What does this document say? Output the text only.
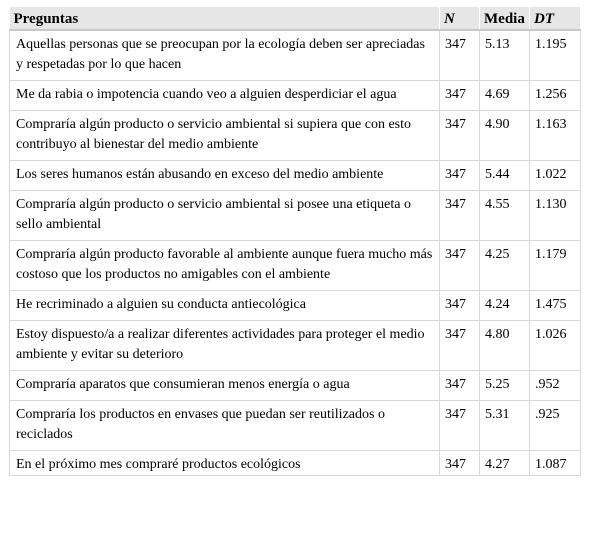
Preguntas	N	Media	DT
Aquellas personas que se preocupan por la ecología deben ser apreciadas y respetadas por lo que hacen	347	5.13	1.195
Me da rabia o impotencia cuando veo a alguien desperdiciar el agua	347	4.69	1.256
Compraría algún producto o servicio ambiental si supiera que con esto contribuyo al bienestar del medio ambiente	347	4.90	1.163
Los seres humanos están abusando en exceso del medio ambiente	347	5.44	1.022
Compraría algún producto o servicio ambiental si posee una etiqueta o sello ambiental	347	4.55	1.130
Compraría algún producto favorable al ambiente aunque fuera mucho más costoso que los productos no amigables con el ambiente	347	4.25	1.179
He recriminado a alguien su conducta antiecológica	347	4.24	1.475
Estoy dispuesto/a a realizar diferentes actividades para proteger el medio ambiente y evitar su deterioro	347	4.80	1.026
Compraría aparatos que consumieran menos energía o agua	347	5.25	.952
Compraría los productos en envases que puedan ser reutilizados o reciclados	347	5.31	.925
En el próximo mes compraré productos ecológicos	347	4.27	1.087
